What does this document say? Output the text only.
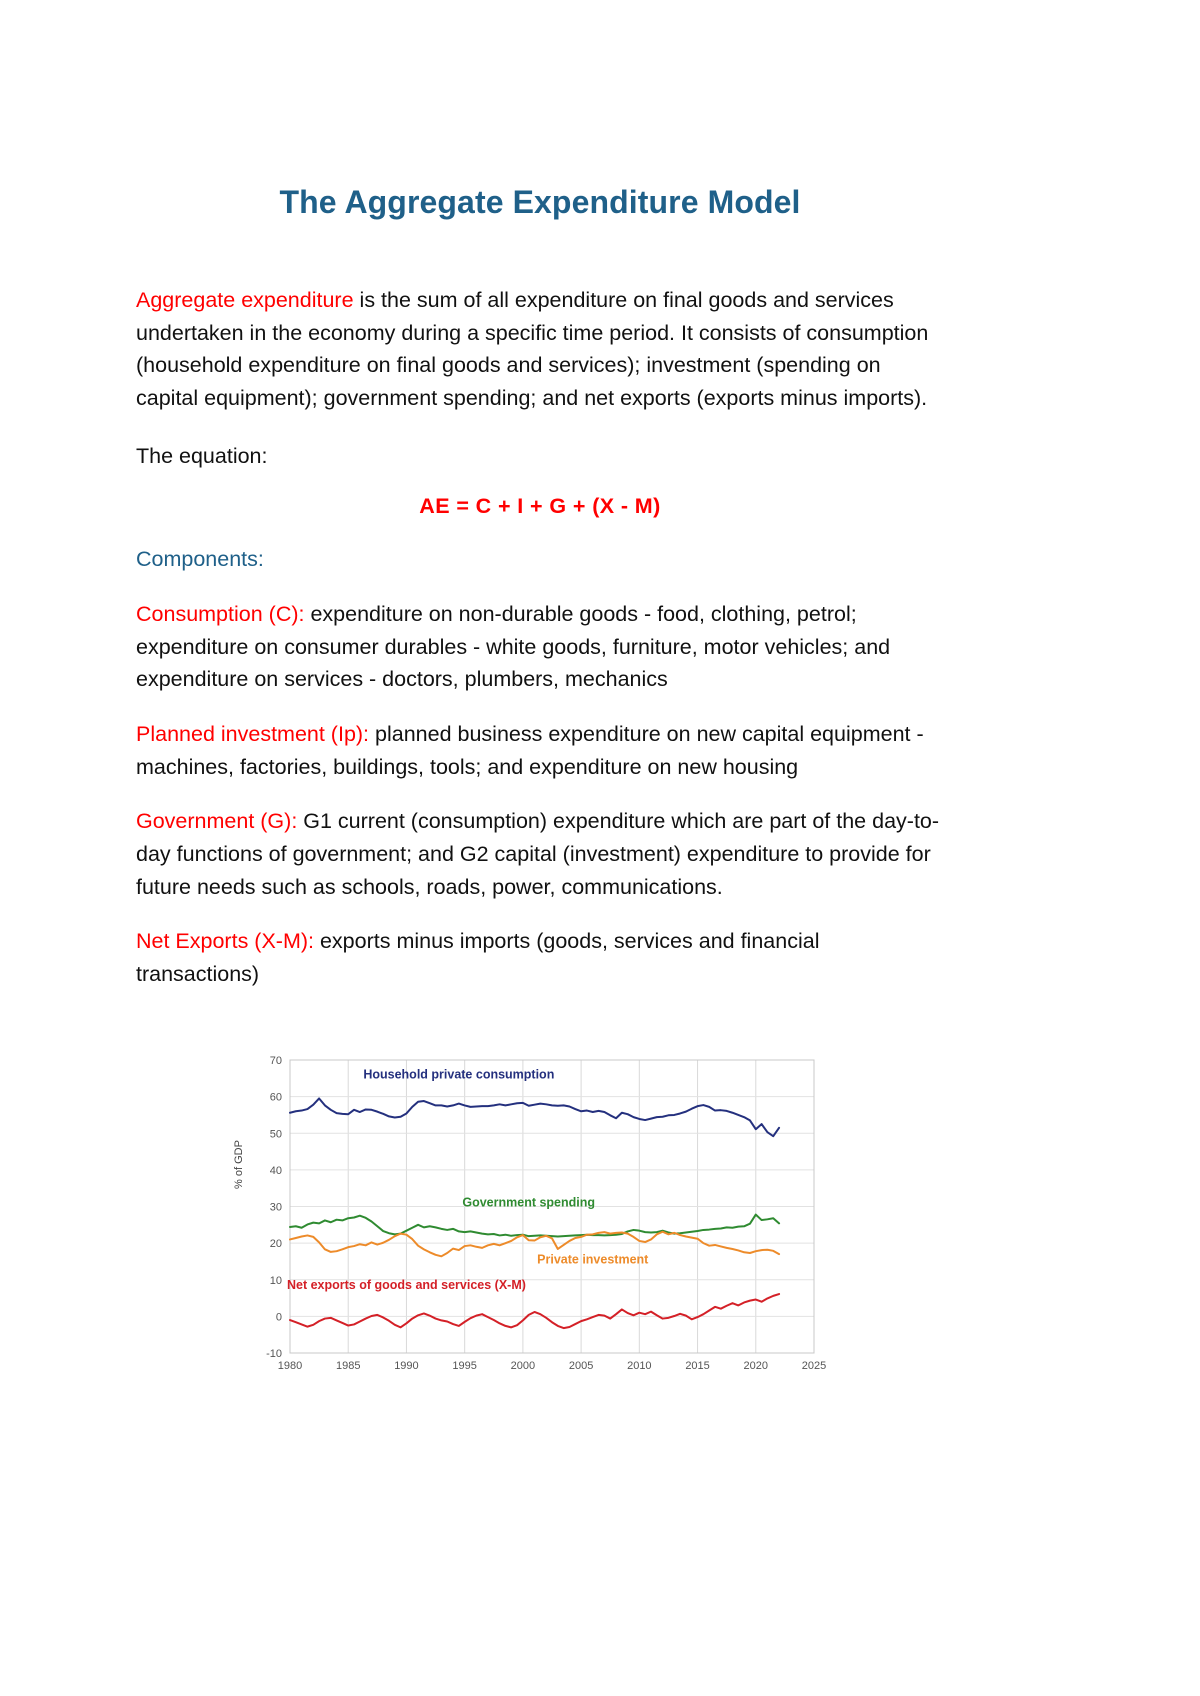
The Aggregate Expenditure Model

Aggregate expenditure is the sum of all expenditure on final goods and services undertaken in the economy during a specific time period. It consists of consumption (household expenditure on final goods and services); investment (spending on capital equipment); government spending; and net exports (exports minus imports).

The equation:

AE = C + I + G + (X - M)

Components:

Consumption (C): expenditure on non-durable goods - food, clothing, petrol; expenditure on consumer durables - white goods, furniture, motor vehicles; and expenditure on services - doctors, plumbers, mechanics

Planned investment (Ip): planned business expenditure on new capital equipment - machines, factories, buildings, tools; and expenditure on new housing

Government (G): G1 current (consumption) expenditure which are part of the day-to-day functions of government; and G2 capital (investment) expenditure to provide for future needs such as schools, roads, power, communications.

Net Exports (X-M): exports minus imports (goods, services and financial transactions)

-10
0
10
20
30
40
50
60
70
1980	1985	1990	1995	2000	2005	2010	2015	2020	2025
% of GDP
Household private consumption
Government spending
Private investment
Net exports of goods and services (X-M)
